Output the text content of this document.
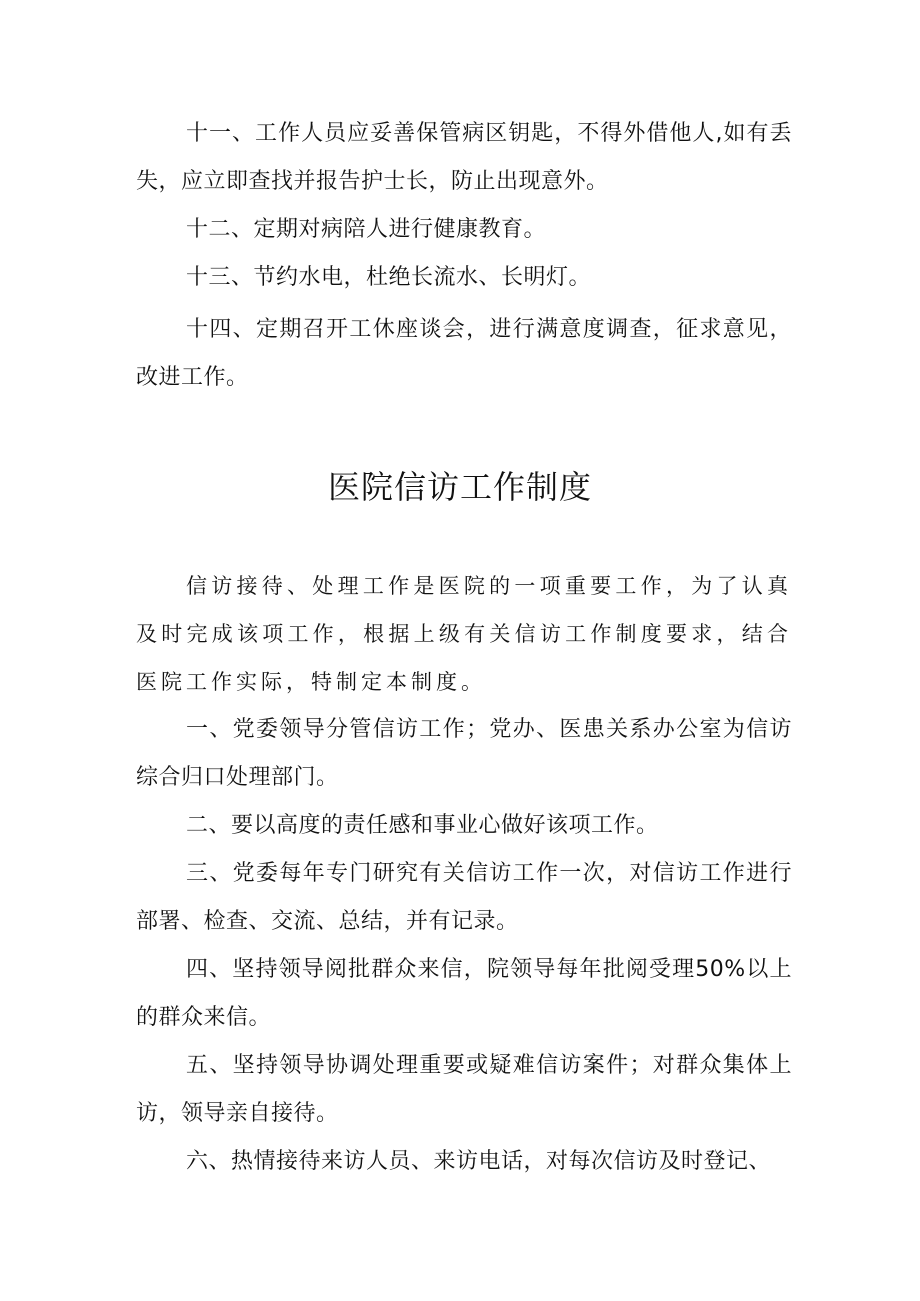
十一、工作人员应妥善保管病区钥匙，不得外借他人,如有丢失，应立即查找并报告护士长，防止出现意外。

十二、定期对病陪人进行健康教育。

十三、节约水电，杜绝长流水、长明灯。

十四、定期召开工休座谈会，进行满意度调查，征求意见，改进工作。

医院信访工作制度

信访接待、处理工作是医院的一项重要工作，为了认真及时完成该项工作，根据上级有关信访工作制度要求，结合医院工作实际，特制定本制度。

一、党委领导分管信访工作；党办、医患关系办公室为信访综合归口处理部门。

二、要以高度的责任感和事业心做好该项工作。

三、党委每年专门研究有关信访工作一次，对信访工作进行部署、检查、交流、总结，并有记录。

四、坚持领导阅批群众来信，院领导每年批阅受理50%以上的群众来信。

五、坚持领导协调处理重要或疑难信访案件；对群众集体上访，领导亲自接待。

六、热情接待来访人员、来访电话，对每次信访及时登记、
